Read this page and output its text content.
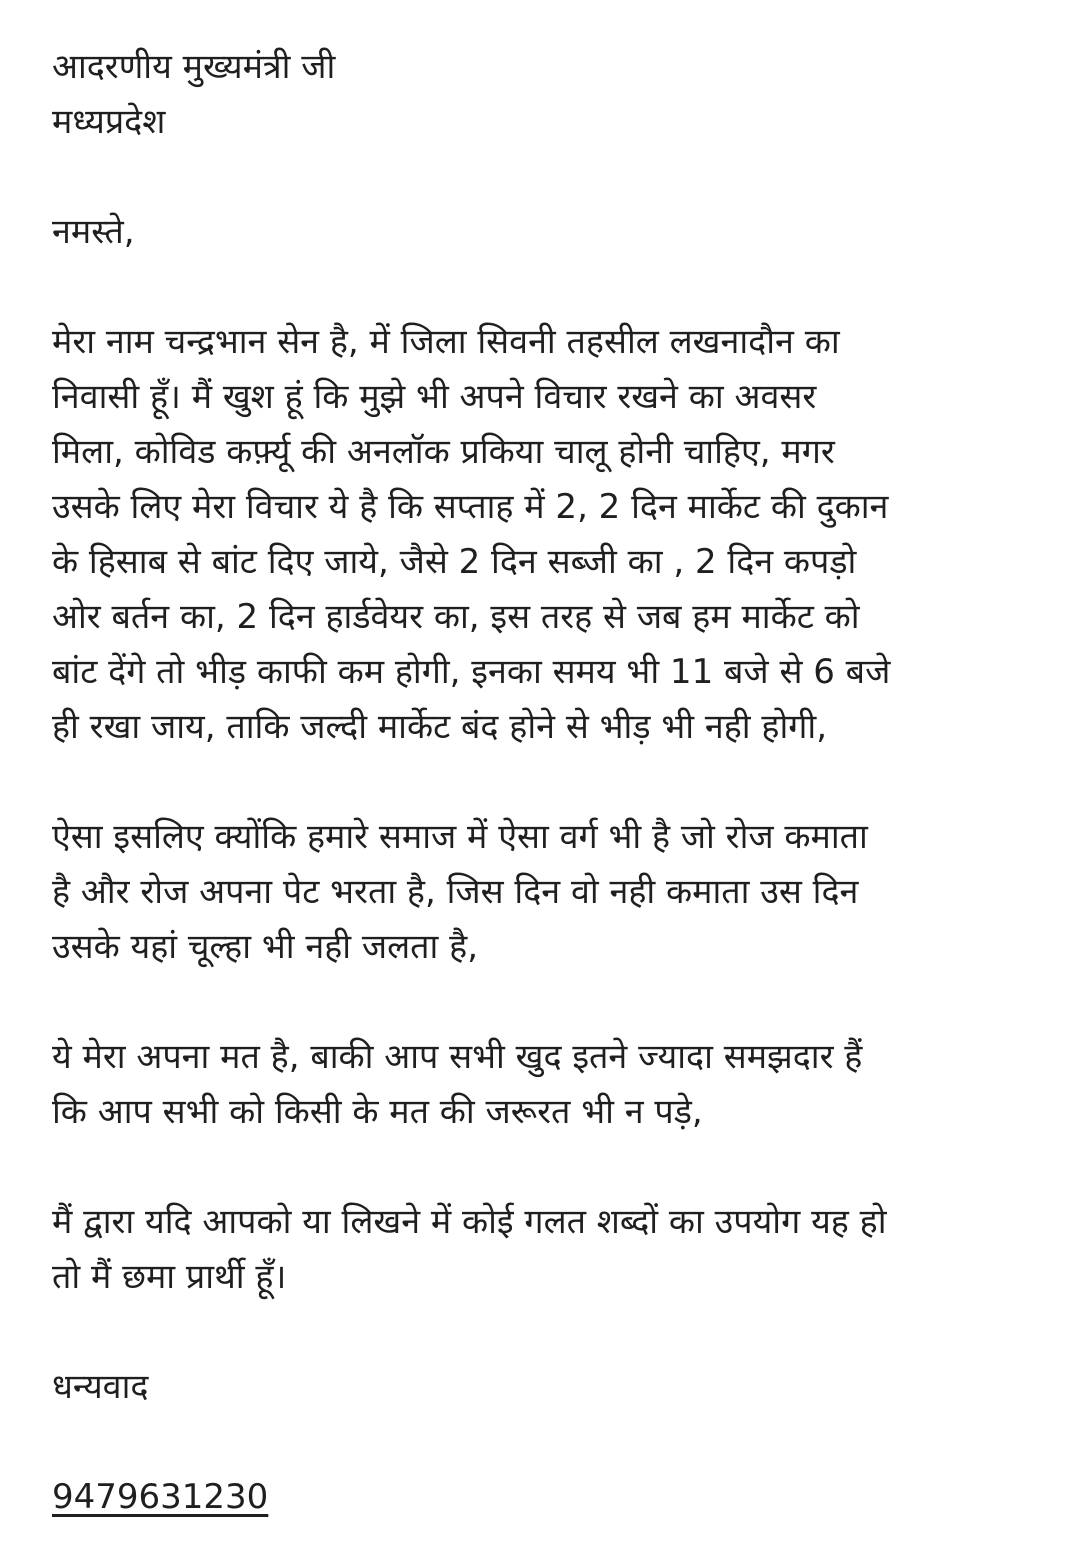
आदरणीय मुख्यमंत्री जी
मध्यप्रदेश
नमस्ते,
मेरा नाम चन्द्रभान सेन है, में जिला सिवनी तहसील लखनादौन का
निवासी हूँ। मैं खुश हूं कि मुझे भी अपने विचार रखने का अवसर
मिला, कोविड कर्फ़्यू की अनलॉक प्रकिया चालू होनी चाहिए, मगर
उसके लिए मेरा विचार ये है कि सप्ताह में 2, 2 दिन मार्केट की दुकान
के हिसाब से बांट दिए जाये, जैसे 2 दिन सब्जी का , 2 दिन कपड़ो
ओर बर्तन का, 2 दिन हार्डवेयर का, इस तरह से जब हम मार्केट को
बांट देंगे तो भीड़ काफी कम होगी, इनका समय भी 11 बजे से 6 बजे
ही रखा जाय, ताकि जल्दी मार्केट बंद होने से भीड़ भी नही होगी,
ऐसा इसलिए क्योंकि हमारे समाज में ऐसा वर्ग भी है जो रोज कमाता
है और रोज अपना पेट भरता है, जिस दिन वो नही कमाता उस दिन
उसके यहां चूल्हा भी नही जलता है,
ये मेरा अपना मत है, बाकी आप सभी खुद इतने ज्यादा समझदार हैं
कि आप सभी को किसी के मत की जरूरत भी न पड़े,
मैं द्वारा यदि आपको या लिखने में कोई गलत शब्दों का उपयोग यह हो
तो मैं छमा प्रार्थी हूँ।
धन्यवाद
9479631230
